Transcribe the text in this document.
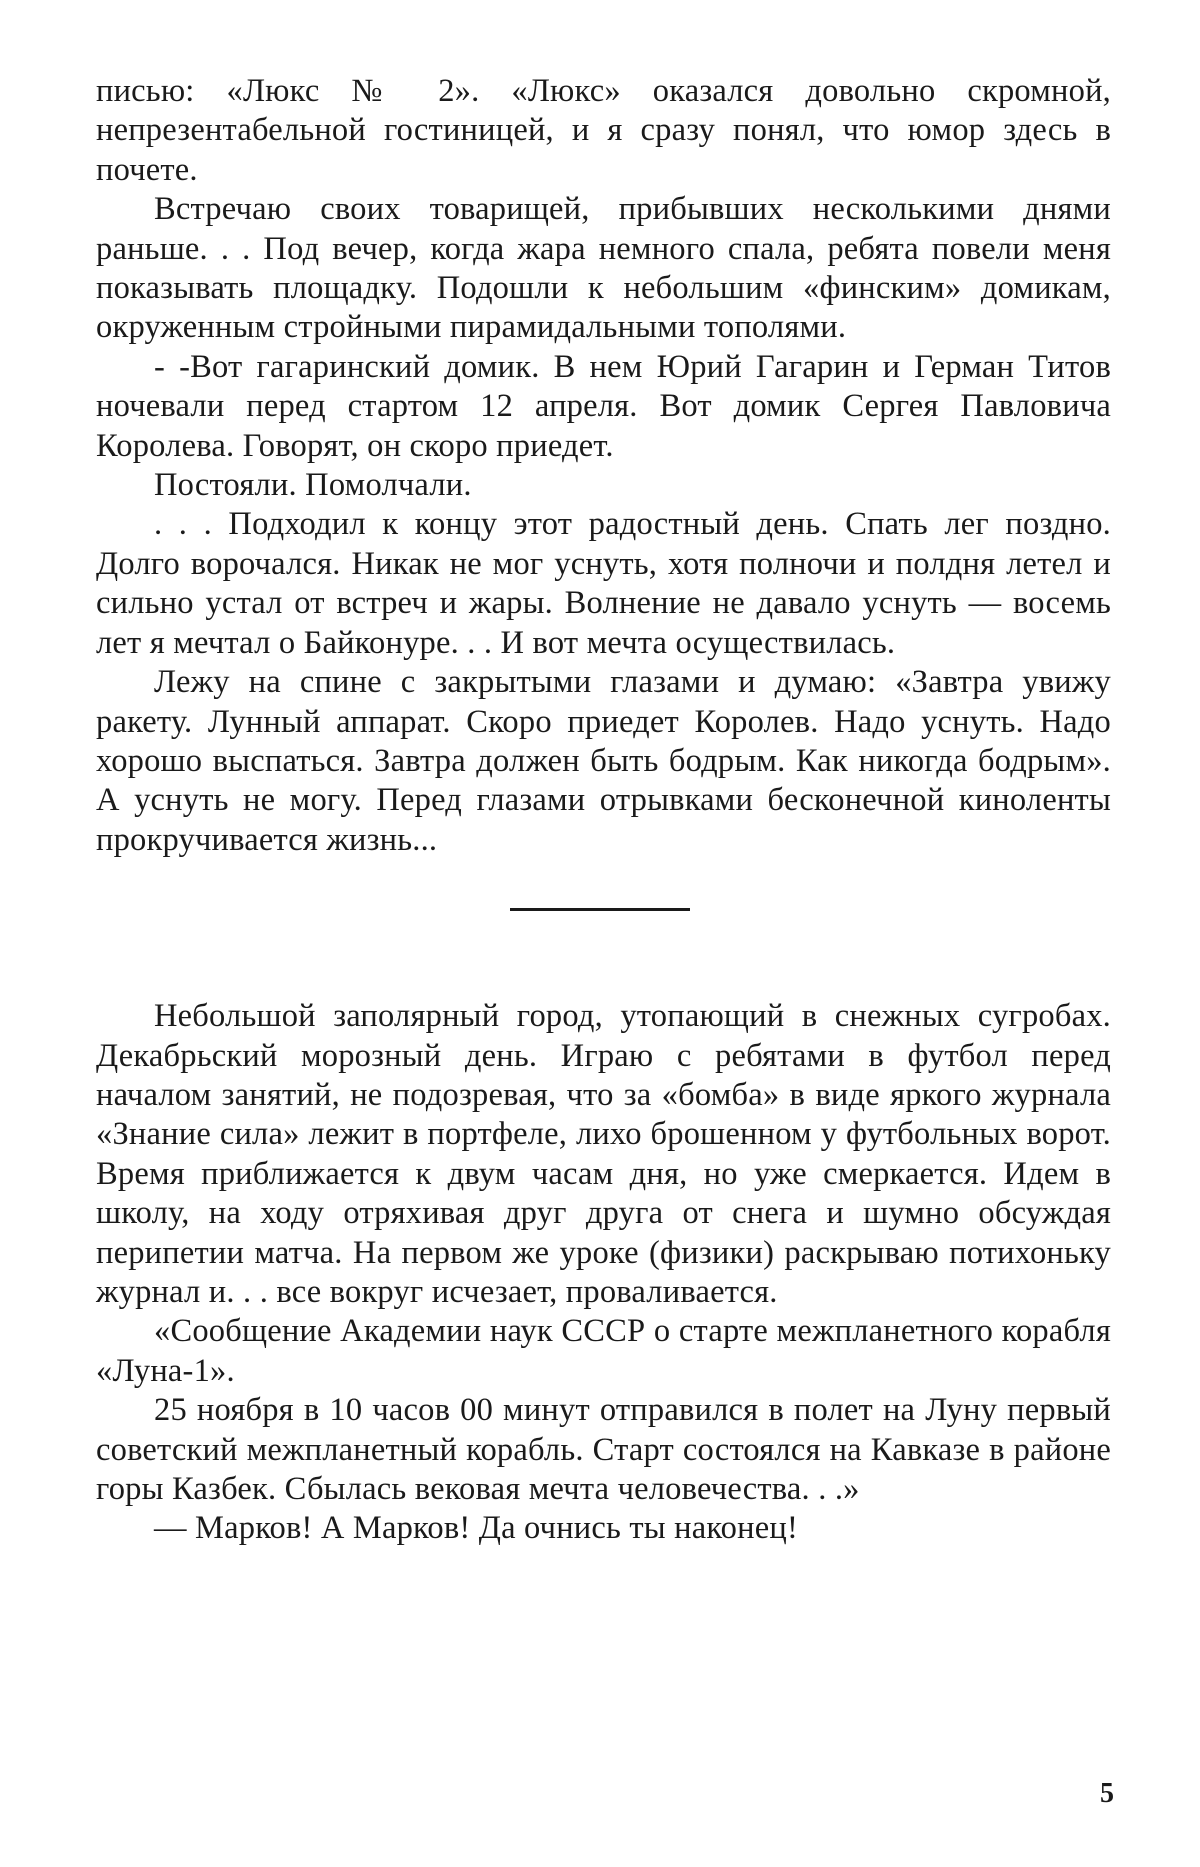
писью: «Люкс № 2». «Люкс» оказался довольно скромной, непрезентабельной гостиницей, и я сразу понял, что юмор здесь в почете.

Встречаю своих товарищей, прибывших несколькими днями раньше. . . Под вечер, когда жара немного спала, ребята повели меня показывать площадку. Подошли к небольшим «финским» домикам, окруженным стройными пирамидальными тополями.

- -Вот гагаринский домик. В нем Юрий Гагарин и Герман Титов ночевали перед стартом 12 апреля. Вот домик Сергея Павловича Королева. Говорят, он скоро приедет.

Постояли. Помолчали.

. . . Подходил к концу этот радостный день. Спать лег поздно. Долго ворочался. Никак не мог уснуть, хотя полночи и полдня летел и сильно устал от встреч и жары. Волнение не давало уснуть — восемь лет я мечтал о Байконуре. . . И вот мечта осуществилась.

Лежу на спине с закрытыми глазами и думаю: «Завтра увижу ракету. Лунный аппарат. Скоро приедет Королев. Надо уснуть. Надо хорошо выспаться. Завтра должен быть бодрым. Как никогда бодрым». А уснуть не могу. Перед глазами отрывками бесконечной киноленты прокручивается жизнь...

Небольшой заполярный город, утопающий в снежных сугробах. Декабрьский морозный день. Играю с ребятами в футбол перед началом занятий, не подозревая, что за «бомба» в виде яркого журнала «Знание сила» лежит в портфеле, лихо брошенном у футбольных ворот. Время приближается к двум часам дня, но уже смеркается. Идем в школу, на ходу отряхивая друг друга от снега и шумно обсуждая перипетии матча. На первом же уроке (физики) раскрываю потихоньку журнал и. . . все вокруг исчезает, проваливается.

«Сообщение Академии наук СССР о старте межпланетного корабля «Луна-1».

25 ноября в 10 часов 00 минут отправился в полет на Луну первый советский межпланетный корабль. Старт состоялся на Кавказе в районе горы Казбек. Сбылась вековая мечта человечества. . .»

— Марков! А Марков! Да очнись ты наконец!

5
